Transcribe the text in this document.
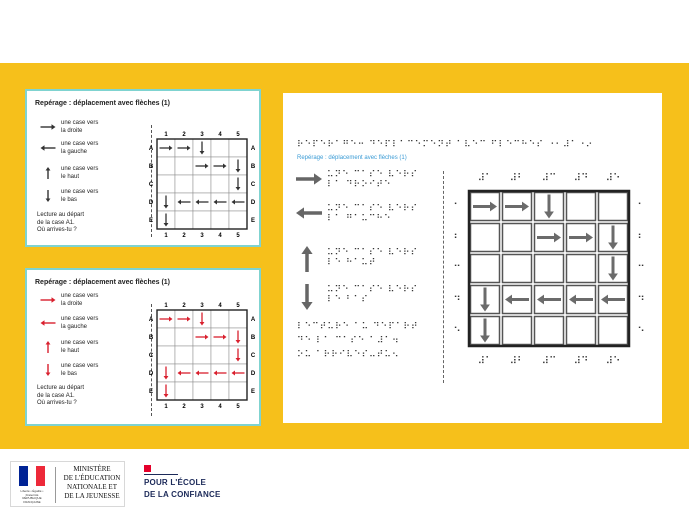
Repérage : déplacement avec flèches (1)
une case vers
la droite
une case vers
la gauche
une case vers
le haut
une case vers
le bas
Lecture au départ
de la case A1.
Où arrives-tu ?
1
1
2
2
3
3
4
4
5
5
A	A
B	B
C	C
D	D
E	E
Repérage : déplacement avec flèches (1)
une case vers
la droite
une case vers
la gauche
une case vers
le haut
une case vers
le bas
Lecture au départ
de la case A1.
Où arrives-tu ?
1
1
2
2
3
3
4
4
5
5
A	A
B	B
C	C
D	D
E	E
⠗⠑⠏⠑⠗⠁⠛⠑⠒ ⠙⠑⠏⠇⠁⠉⠑⠍⠑⠝⠞ ⠁⠧⠑⠉ ⠋⠇⠑⠉⠓⠑⠎ ⠐⠂⠼⠁⠐⠔
Repérage : déplacement avec flèches (1)
⠥⠝⠑ ⠉⠁⠎⠑ ⠧⠑⠗⠎
⠇⠁ ⠙⠗⠕⠊⠞⠑
⠥⠝⠑ ⠉⠁⠎⠑ ⠧⠑⠗⠎
⠇⠁ ⠛⠁⠥⠉⠓⠑
⠥⠝⠑ ⠉⠁⠎⠑ ⠧⠑⠗⠎
⠇⠑ ⠓⠁⠥⠞
⠥⠝⠑ ⠉⠁⠎⠑ ⠧⠑⠗⠎
⠇⠑ ⠃⠁⠎
⠇⠑⠉⠞⠥⠗⠑ ⠁⠥ ⠙⠑⠏⠁⠗⠞
⠙⠑ ⠇⠁ ⠉⠁⠎⠑ ⠁⠼⠁⠲
⠕⠥ ⠁⠗⠗⠊⠧⠑⠎⠤⠞⠥⠢
⠼⠁
⠼⠁
⠼⠃
⠼⠃
⠼⠉
⠼⠉
⠼⠙
⠼⠙
⠼⠑
⠼⠑
⠁	⠁
⠃	⠃
⠉	⠉
⠙	⠙
⠑	⠑
Liberté • Égalité • Fraternité
RÉPUBLIQUE FRANÇAISE
MINISTÈRE
DE L'ÉDUCATION
NATIONALE ET
DE LA JEUNESSE
POUR L'ÉCOLE
DE LA CONFIANCE
